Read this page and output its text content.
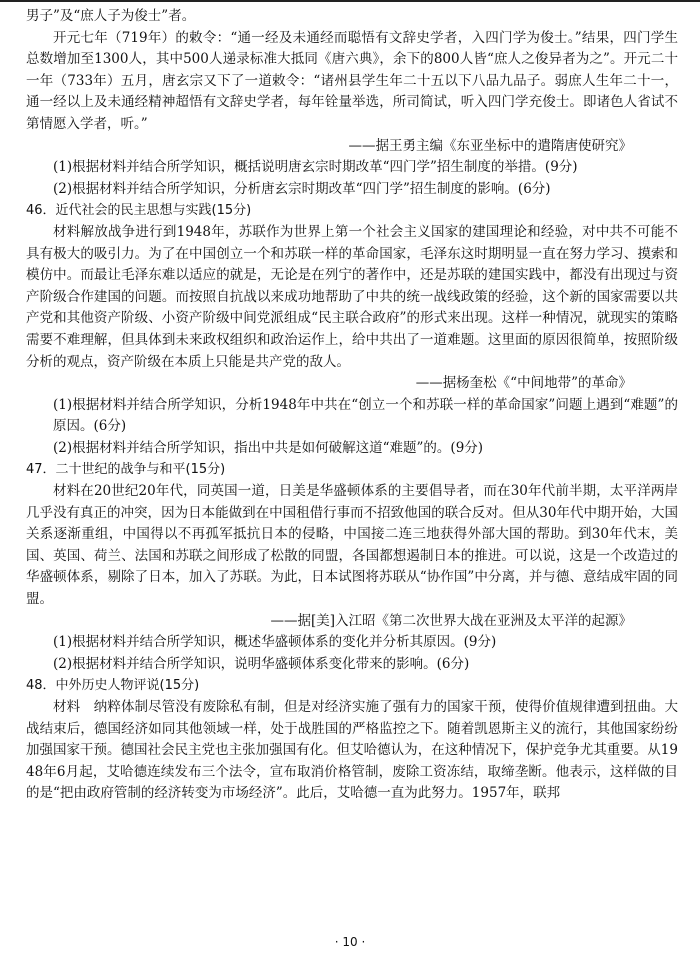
男子”及“庶人子为俊士”者。

开元七年（719年）的敕令：“通一经及未通经而聪悟有文辞史学者，入四门学为俊士。”结果，四门学生总数增加至1300人，其中500人递录标准大抵同《唐六典》，余下的800人皆“庶人之俊异者为之”。开元二十一年（733年）五月，唐玄宗又下了一道敕令：“诸州县学生年二十五以下八品九品子。弱庶人生年二十一，通一经以上及未通经精神超悟有文辞史学者，每年铨量举选，所司简试，听入四门学充俊士。即诸色人省试不第情愿入学者，听。”

——据王勇主编《东亚坐标中的遣隋唐使研究》

(1)根据材料并结合所学知识，概括说明唐玄宗时期改革“四门学”招生制度的举措。(9分)

(2)根据材料并结合所学知识，分析唐玄宗时期改革“四门学”招生制度的影响。(6分)

46．近代社会的民主思想与实践(15分)

材料解放战争进行到1948年，苏联作为世界上第一个社会主义国家的建国理论和经验，对中共不可能不具有极大的吸引力。为了在中国创立一个和苏联一样的革命国家，毛泽东这时期明显一直在努力学习、摸索和模仿中。而最让毛泽东难以适应的就是，无论是在列宁的著作中，还是苏联的建国实践中，都没有出现过与资产阶级合作建国的问题。而按照自抗战以来成功地帮助了中共的统一战线政策的经验，这个新的国家需要以共产党和其他资产阶级、小资产阶级中间党派组成“民主联合政府”的形式来出现。这样一种情况，就现实的策略需要不难理解，但具体到未来政权组织和政治运作上，给中共出了一道难题。这里面的原因很简单，按照阶级分析的观点，资产阶级在本质上只能是共产党的敌人。

——据杨奎松《“中间地带”的革命》

(1)根据材料并结合所学知识，分析1948年中共在“创立一个和苏联一样的革命国家”问题上遇到“难题”的原因。(6分)

(2)根据材料并结合所学知识，指出中共是如何破解这道“难题”的。(9分)

47．二十世纪的战争与和平(15分)

材料在20世纪20年代，同英国一道，日美是华盛顿体系的主要倡导者，而在30年代前半期，太平洋两岸几乎没有真正的冲突，因为日本能做到在中国租借行事而不招致他国的联合反对。但从30年代中期开始，大国关系逐渐重组，中国得以不再孤军抵抗日本的侵略，中国接二连三地获得外部大国的帮助。到30年代末，美国、英国、荷兰、法国和苏联之间形成了松散的同盟，各国都想遏制日本的推进。可以说，这是一个改造过的华盛顿体系，剔除了日本，加入了苏联。为此，日本试图将苏联从“协作国”中分离，并与德、意结成牢固的同盟。

——据[美]入江昭《第二次世界大战在亚洲及太平洋的起源》

(1)根据材料并结合所学知识，概述华盛顿体系的变化并分析其原因。(9分)

(2)根据材料并结合所学知识，说明华盛顿体系变化带来的影响。(6分)

48．中外历史人物评说(15分)

材料　纳粹体制尽管没有废除私有制，但是对经济实施了强有力的国家干预，使得价值规律遭到扭曲。大战结束后，德国经济如同其他领域一样，处于战胜国的严格监控之下。随着凯恩斯主义的流行，其他国家纷纷加强国家干预。德国社会民主党也主张加强国有化。但艾哈德认为，在这种情况下，保护竞争尤其重要。从1948年6月起，艾哈德连续发布三个法令，宣布取消价格管制，废除工资冻结，取缔垄断。他表示，这样做的目的是“把由政府管制的经济转变为市场经济”。此后，艾哈德一直为此努力。1957年，联邦

· 10 ·
